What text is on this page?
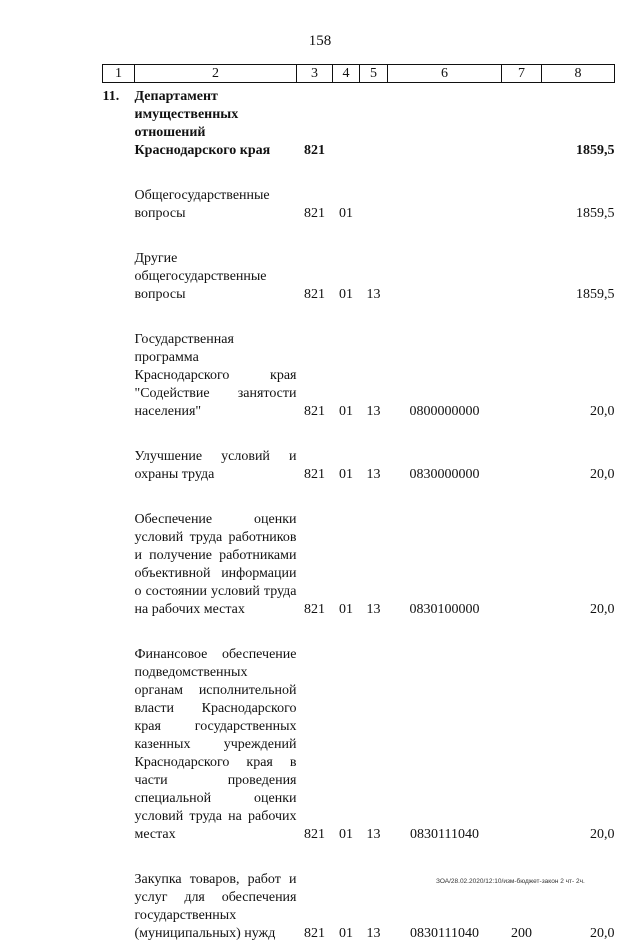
158
1	2	3	4	5	6	7	8
11.	Департамент имущественных отношений Краснодарского края	821					1859,5

	Общегосударственные вопросы	821	01				1859,5

	Другие общегосударственные вопросы	821	01	13			1859,5

	Государственная программа Краснодарского края "Содействие занятости населения"	821	01	13	0800000000		20,0

	Улучшение условий и охраны труда	821	01	13	0830000000		20,0

	Обеспечение оценки условий труда работников и получение работниками объективной информации о состоянии условий труда на рабочих местах	821	01	13	0830100000		20,0

	Финансовое обеспечение подведомственных органам исполнительной власти Краснодарского края государственных казенных учреждений Краснодарского края в части проведения специальной оценки условий труда на рабочих местах	821	01	13	0830111040		20,0

	Закупка товаров, работ и услуг для обеспечения государственных (муниципальных) нужд	821	01	13	0830111040	200	20,0
ЗОА/28.02.2020/12:10/изм-бюджет-закон 2 чт- 2ч.
